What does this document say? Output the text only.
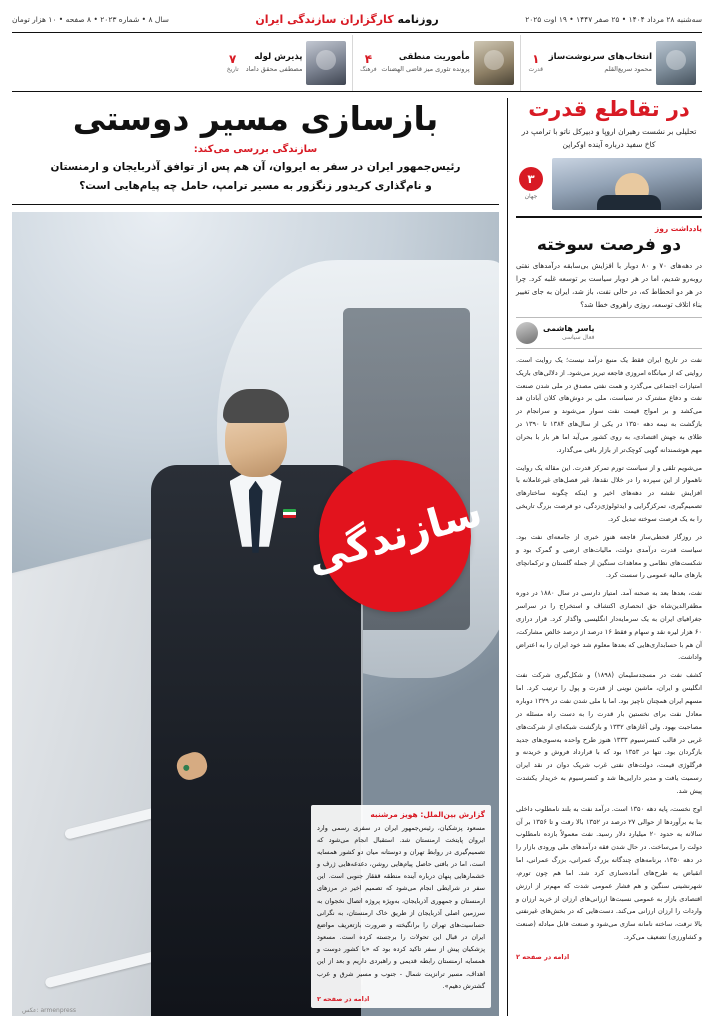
سه‌شنبه ۲۸ مرداد ۱۴۰۴ • ۲۵ صفر ۱۴۴۷ • ۱۹ اوت ۲۰۲۵
روزنامه کارگزاران سازندگی ایران
سال ۸ • شماره ۲۰۲۳ • ۸ صفحه • ۱۰ هزار تومان
۱
قدرت
انتخاب‌های سرنوشت‌ساز
محمود سریع‌القلم
۴
فرهنگ
مأموریت منطقی
پرونده تئوری میز قاضی الهضنات
۷
تاریخ
پذیرش لوله
مصطفی محقق داماد
در تقاطع قدرت
تحلیلی بر نشست رهبران اروپا و دبیرکل ناتو با ترامپ در کاخ سفید درباره آینده اوکراین
۳
جهان
یادداشت روز
دو فرصت سوخته
در دهه‌های ۷۰ و ۸۰ دوبار با افزایش بی‌سابقه درآمدهای نفتی روبه‌رو شدیم، اما در هر دوبار سیاست بر توسعه غلبه کرد. چرا در هر دو انحطاط که، در حالی نفت، باز شد، ایران به جای تغییر بناء اتلاف توسعه، روزی راهروی خطا شد؟
یاسر هاشمی
فعال سیاسی

نفت در تاریخ ایران فقط یک منبع درآمد نیست؛ یک روایت است. روایتی که از میانگاه امروزی فاجعه تبریز می‌شود. از دلالی‌های باریک امتیازات اجتماعی می‌گذرد و همت نفتی مصدق در ملی شدن صنعت نفت و دفاع مشترک در سیاست، ملی بر دوش‌های کلان آبادان قد می‌کشد و بر امواج قیمت نفت سوار می‌شوند و سرانجام در بازگشت به نیمه دهه ۱۳۵۰ در یکی از سال‌های ۱۳۸۴ تا ۱۳۹۰ در طلای به جهش اقتصادی، به روی کشور می‌آید اما هر بار با بحران مهم هوشمندانه گویی کوچک‌تر از بازار باقی می‌گذارد.

می‌شویم تلقی و از سیاست تورم تمرکز قدرت. این مقاله یک روایت ناهموار از این سپرده را در خلال نقدها، غیر فصل‌های غیرعاملانه با افزایش نقشه در دهه‌های اخیر و اینکه چگونه ساختارهای تصمیم‌گیری، تمرکزگرایی و ایدئولوژی‌زدگی، دو فرصت بزرگ تاریخی را به یک فرصت سوخته تبدیل کرد.

در روزگار قحطی‌ساز فاجعه هنوز خبری از جامعه‌ای نفت بود. سیاست قدرت درآمدی دولت، مالیات‌های ارضی و گمرک بود و شکست‌های نظامی و معاهدات سنگین از جمله گلستان و ترکمانچای بارهای مالیه عمومی را سست کرد.

نفت، بعدها بعد به صحنه آمد. امتیاز دارسی در سال ۱۸۸۰ در دوره مظفرالدین‌شاه حق انحصاری اکتشاف و استخراج را در سراسر جغرافیای ایران به یک سرمایه‌دار انگلیسی واگذار کرد. قرار درازی ۶۰ هزار لیره نقد و سهام و فقط ۱۶ درصد از درصد خالص مشارکت، آن هم با حسابداری‌هایی که بعدها معلوم شد خود ایران را به اعتراض واداشت.

کشف نفت در مسجدسلیمان (۱۸۹۸) و شکل‌گیری شرکت نفت انگلیس و ایران، ماشین نوینی از قدرت و پول را ترتیب کرد. اما مسهم ایران همچنان ناچیز بود. اما با ملی شدن نفت در ۱۳۲۹ دوباره معادل نفت برای نخستین بار قدرت را به دست راه مسئله در مصاحبت بهود. ولی آغازهای ۱۳۳۲ و بازگشت شبکه‌ای از شرکت‌های غربی در قالب کنسرسیوم ۱۳۳۳ هنوز طرح واحده به‌سوی‌های جدید بازگردان بود. تنها در ۱۳۵۳ بود که با قرارداد فروش و خریدنه و فرگلوژی قیمت، دولت‌های نفتی غرب شریک دوان در نقد ایران رسمیت یافت و مدیر دارایی‌ها شد و کنسرسیوم به خریدار یکشدت پیش شد.

اوج نخست، پایه دهه ۱۳۵۰ است. درآمد نفت به بلند نامطلوب داخلی بنا به برآوردها از حوالی ۲۷ درصد در ۱۳۵۲ بالا رفت و تا ۱۳۵۶ بر آن سالانه به حدود ۲۰ میلیارد دلار رسید. نفت معمولاً بازده نامطلوب دولت را می‌ساخت. در حال شدن فقه درآمدهای ملی ورودی بازار را در دهه ۱۳۵۰، برنامه‌های چندگانه بزرگ عمرانی، بزرگ عمرانی، اما انقباض به طرح‌های آماده‌سازی کرد شد. اما هم چون تورم، شهرنشینی سنگین و هم فشار عمومی شدت که مهم‌تر از ارزش اقتصادی بازار به عمومی نسبت‌ها ارزانی‌های ارزان از خرید ارزان و واردات را ارزان ارزانی می‌کند. دست‌هایی که در بخش‌های غیرنفتی بالا نرفت، ساخته نامانه سازی می‌شود و صنعت قابل مبادله (صنعت و کشاورزی) تضعیف می‌کرد.

ادامه در صفحه ۲
بازسازی مسیر دوستی
سازندگی بررسی می‌کند:
رئیس‌جمهور ایران در سفر به ایروان، آن هم پس از توافق آذربایجان و ارمنستان
و نام‌گذاری کریدور زنگزور به مسیر ترامپ، حامل چه پیام‌هایی است؟
سازندگی
گزارش بین‌الملل: هویز مرشنبه
مسعود پزشکیان، رئیس‌جمهور ایران در سفری رسمی وارد ایروان پایتخت ارمنستان شد. استقبال انجام می‌شود که تصمیم‌گیری در روابط تهران و دوستانه میان دو کشور همسایه است، اما در بافتی حاصل پیام‌هایی روشن، دغدغه‌هایی ژرف و خشمارهایی پنهان درباره آینده منطقه قفقاز جنوبی است. این سفر در شرایطی انجام می‌شود که تصمیم اخیر در مرزهای ارمنستان و جمهوری آذربایجان، به‌ویژه پروژه اتصال نخجوان به سرزمین اصلی آذربایجان از طریق خاک ارمنستان، به نگرانی حساسیت‌های تهران را برانگیخته و ضرورت بازتعریف مواضع ایران در قبال این تحولات را برجسته کرده است. مسعود پزشکیان پیش از سفر تاکید کرده بود که «با کشور دوست و همسایه ارمنستان رابطه قدیمی و راهبردی داریم و بعد از این اهداف، مسیر ترانزیت شمال - جنوب و مسیر شرق و غرب گشترش دهیم».
ادامه در صفحه ۲
عکس: armenpress
